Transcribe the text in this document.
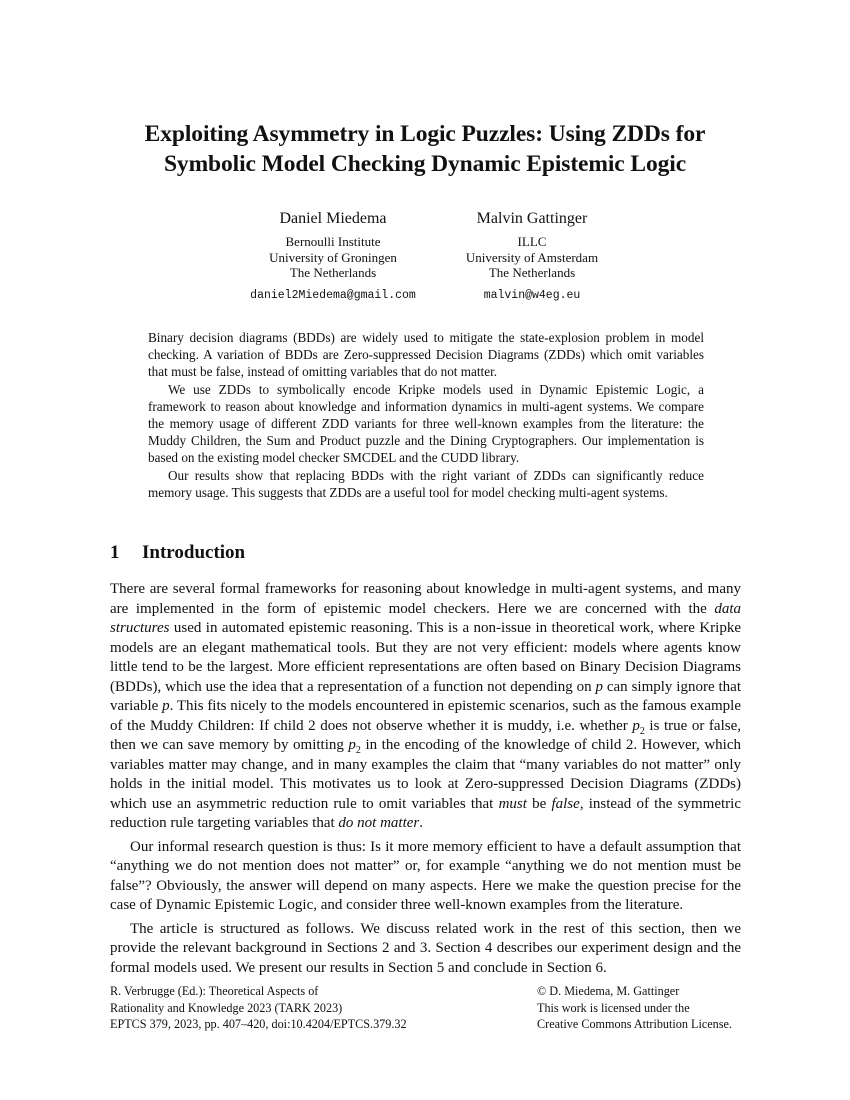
Exploiting Asymmetry in Logic Puzzles: Using ZDDs for
Symbolic Model Checking Dynamic Epistemic Logic
Daniel Miedema
Bernoulli Institute
University of Groningen
The Netherlands
daniel2Miedema@gmail.com
Malvin Gattinger
ILLC
University of Amsterdam
The Netherlands
malvin@w4eg.eu

Binary decision diagrams (BDDs) are widely used to mitigate the state-explosion problem in model checking. A variation of BDDs are Zero-suppressed Decision Diagrams (ZDDs) which omit variables that must be false, instead of omitting variables that do not matter.

We use ZDDs to symbolically encode Kripke models used in Dynamic Epistemic Logic, a framework to reason about knowledge and information dynamics in multi-agent systems. We compare the memory usage of different ZDD variants for three well-known examples from the literature: the Muddy Children, the Sum and Product puzzle and the Dining Cryptographers. Our implementation is based on the existing model checker SMCDEL and the CUDD library.

Our results show that replacing BDDs with the right variant of ZDDs can significantly reduce memory usage. This suggests that ZDDs are a useful tool for model checking multi-agent systems.

1 Introduction

There are several formal frameworks for reasoning about knowledge in multi-agent systems, and many are implemented in the form of epistemic model checkers. Here we are concerned with the data structures used in automated epistemic reasoning. This is a non-issue in theoretical work, where Kripke models are an elegant mathematical tools. But they are not very efficient: models where agents know little tend to be the largest. More efficient representations are often based on Binary Decision Diagrams (BDDs), which use the idea that a representation of a function not depending on p can simply ignore that variable p. This fits nicely to the models encountered in epistemic scenarios, such as the famous example of the Muddy Children: If child 2 does not observe whether it is muddy, i.e. whether $p_2$ is true or false, then we can save memory by omitting $p_2$ in the encoding of the knowledge of child 2. However, which variables matter may change, and in many examples the claim that “many variables do not matter” only holds in the initial model. This motivates us to look at Zero-suppressed Decision Diagrams (ZDDs) which use an asymmetric reduction rule to omit variables that must be false, instead of the symmetric reduction rule targeting variables that do not matter.

Our informal research question is thus: Is it more memory efficient to have a default assumption that “anything we do not mention does not matter” or, for example “anything we do not mention must be false”? Obviously, the answer will depend on many aspects. Here we make the question precise for the case of Dynamic Epistemic Logic, and consider three well-known examples from the literature.

The article is structured as follows. We discuss related work in the rest of this section, then we provide the relevant background in Sections 2 and 3. Section 4 describes our experiment design and the formal models used. We present our results in Section 5 and conclude in Section 6.

R. Verbrugge (Ed.): Theoretical Aspects of
Rationality and Knowledge 2023 (TARK 2023)
EPTCS 379, 2023, pp. 407–420, doi:10.4204/EPTCS.379.32
© D. Miedema, M. Gattinger
This work is licensed under the
Creative Commons Attribution License.
